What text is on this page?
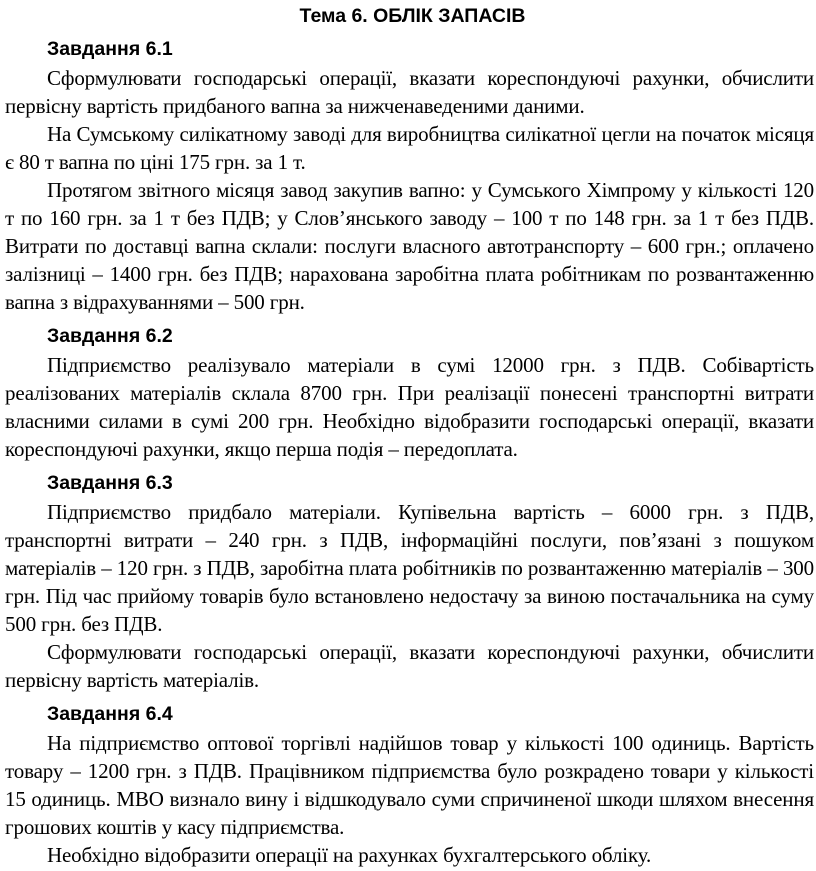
Тема 6. ОБЛІК ЗАПАСІВ
Завдання 6.1

Сформулювати господарські операції, вказати кореспондуючі рахунки, обчислити первісну вартість придбаного вапна за нижченаведеними даними.

На Сумському силікатному заводі для виробництва силікатної цегли на початок місяця є 80 т вапна по ціні 175 грн. за 1 т.

Протягом звітного місяця завод закупив вапно: у Сумського Хімпрому у кількості 120 т по 160 грн. за 1 т без ПДВ; у Слов’янського заводу – 100 т по 148 грн. за 1 т без ПДВ. Витрати по доставці вапна склали: послуги власного автотранспорту – 600 грн.; оплачено залізниці – 1400 грн. без ПДВ; нарахована заробітна плата робітникам по розвантаженню вапна з відрахуваннями – 500 грн.

Завдання 6.2

Підприємство реалізувало матеріали в сумі 12000 грн. з ПДВ. Собівартість реалізованих матеріалів склала 8700 грн. При реалізації понесені транспортні витрати власними силами в сумі 200 грн. Необхідно відобразити господарські операції, вказати кореспондуючі рахунки, якщо перша подія – передоплата.

Завдання 6.3

Підприємство придбало матеріали. Купівельна вартість – 6000 грн. з ПДВ, транспортні витрати – 240 грн. з ПДВ, інформаційні послуги, пов’язані з пошуком матеріалів – 120 грн. з ПДВ, заробітна плата робітників по розвантаженню матеріалів – 300 грн. Під час прийому товарів було встановлено недостачу за виною постачальника на суму 500 грн. без ПДВ.

Сформулювати господарські операції, вказати кореспондуючі рахунки, обчислити первісну вартість матеріалів.

Завдання 6.4

На підприємство оптової торгівлі надійшов товар у кількості 100 одиниць. Вартість товару – 1200 грн. з ПДВ. Працівником підприємства було розкрадено товари у кількості 15 одиниць. МВО визнало вину і відшкодувало суми спричиненої шкоди шляхом внесення грошових коштів у касу підприємства.

Необхідно відобразити операції на рахунках бухгалтерського обліку.
